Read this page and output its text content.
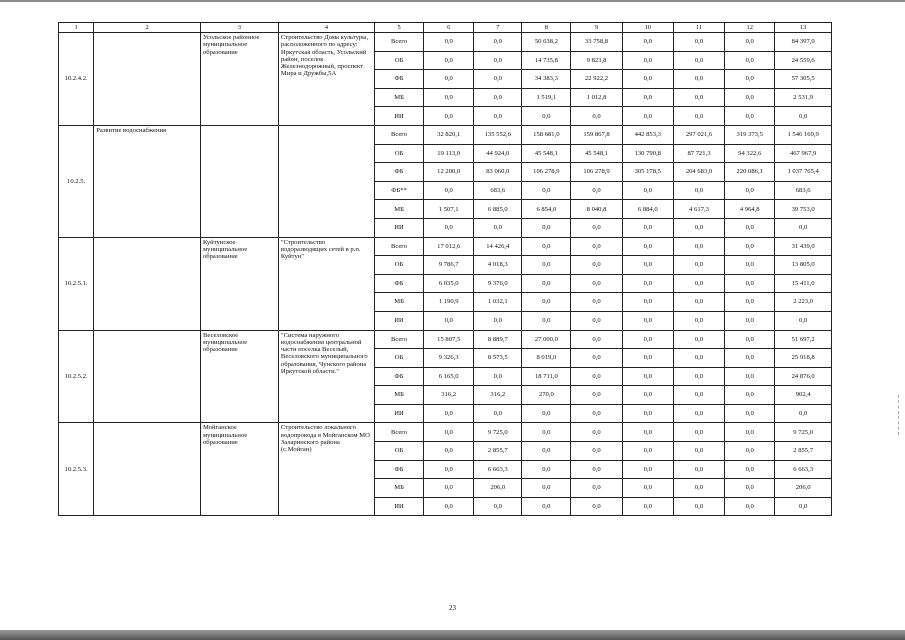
1	2	3	4	5	6	7	8	9	10	11	12	13
10.2.4.2.		Усольское районное муниципальное образование	Строительство Дома культуры, расположенного по адресу: Иркутская область, Усольский район, поселок Железнодорожный, проспект Мира и Дружбы,5А	Всего	0,0	0,0	50 638,2	33 758,8	0,0	0,0	0,0	84 397,0
				ОБ	0,0	0,0	14 735,8	9 823,8	0,0	0,0	0,0	24 559,6
				ФБ	0,0	0,0	34 383,3	22 922,2	0,0	0,0	0,0	57 305,5
				МБ	0,0	0,0	1 519,1	1 012,8	0,0	0,0	0,0	2 531,9
				ИИ	0,0	0,0	0,0	0,0	0,0	0,0	0,0	0,0
10.2.5.	Развитие водоснабжения			Всего	32 820,1	135 552,6	158 681,0	159 867,8	442 853,3	297 021,6	319 373,5	1 546 169,9
				ОБ	19 113,0	44 924,0	45 548,1	45 548,1	130 790,8	87 721,3	94 322,6	467 967,9
				ФБ	12 200,0	83 060,0	106 278,9	106 278,9	305 178,5	204 683,0	220 086,1	1 037 765,4
				ФБ**	0,0	683,6	0,0	0,0	0,0	0,0	0,0	683,6
				МБ	1 507,1	6 885,0	6 854,0	8 040,8	6 884,0	4 617,3	4 964,8	39 753,0
				ИИ	0,0	0,0	0,0	0,0	0,0	0,0	0,0	0,0
10.2.5.1.		Куйтунское муниципальное образование	"Строительство водоразводящих сетей в р.п. Куйтун"	Всего	17 012,6	14 426,4	0,0	0,0	0,0	0,0	0,0	31 439,0
				ОБ	9 786,7	4 018,3	0,0	0,0	0,0	0,0	0,0	13 805,0
				ФБ	6 035,0	9 376,0	0,0	0,0	0,0	0,0	0,0	15 411,0
				МБ	1 190,9	1 032,1	0,0	0,0	0,0	0,0	0,0	2 223,0
				ИИ	0,0	0,0	0,0	0,0	0,0	0,0	0,0	0,0
10.2.5.2.		Веселовское муниципальное образование	"Система наружного водоснабжения центральной части поселка Веселый, Веселовского муниципального образования, Чунского района Иркутской области."	Всего	15 807,5	8 889,7	27 000,0	0,0	0,0	0,0	0,0	51 697,2
				ОБ	9 326,3	8 573,5	8 019,0	0,0	0,0	0,0	0,0	25 918,8
				ФБ	6 165,0	0,0	18 711,0	0,0	0,0	0,0	0,0	24 876,0
				МБ	316,2	316,2	270,0	0,0	0,0	0,0	0,0	902,4
				ИИ	0,0	0,0	0,0	0,0	0,0	0,0	0,0	0,0
10.2.5.3.		Мойганское муниципальное образование	Строительство локального водопровода в Мойганском МО Заларинского района (с.Мойган)	Всего	0,0	9 725,0	0,0	0,0	0,0	0,0	0,0	9 725,0
				ОБ	0,0	2 855,7	0,0	0,0	0,0	0,0	0,0	2 855,7
				ФБ	0,0	6 663,3	0,0	0,0	0,0	0,0	0,0	6 663,3
				МБ	0,0	206,0	0,0	0,0	0,0	0,0	0,0	206,0
				ИИ	0,0	0,0	0,0	0,0	0,0	0,0	0,0	0,0
23
